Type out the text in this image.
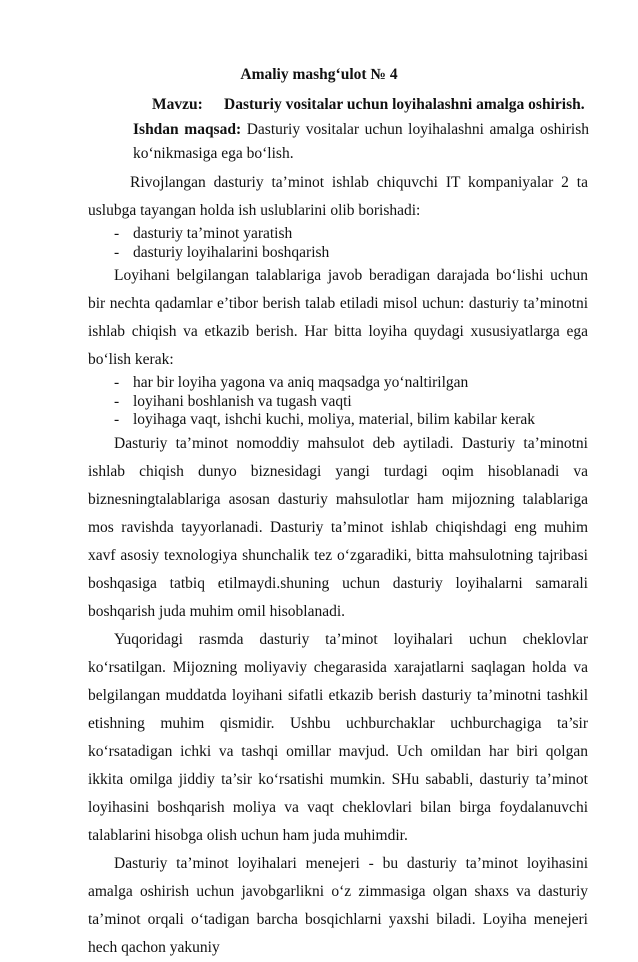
Amaliy mashg‘ulot № 4
Mavzu: Dasturiy vositalar uchun loyihalashni amalga oshirish.
Ishdan maqsad: Dasturiy vositalar uchun loyihalashni amalga oshirish
ko‘nikmasiga ega bo‘lish.

Rivojlangan dasturiy ta’minot ishlab chiquvchi IT kompaniyalar 2 ta uslubga tayangan holda ish uslublarini olib borishadi:

- dasturiy ta’minot yaratish
- dasturiy loyihalarini boshqarish

Loyihani belgilangan talablariga javob beradigan darajada bo‘lishi uchun bir nechta qadamlar e’tibor berish talab etiladi misol uchun: dasturiy ta’minotni ishlab chiqish va etkazib berish. Har bitta loyiha quydagi xususiyatlarga ega bo‘lish kerak:

- har bir loyiha yagona va aniq maqsadga yo‘naltirilgan
- loyihani boshlanish va tugash vaqti
- loyihaga vaqt, ishchi kuchi, moliya, material, bilim kabilar kerak

Dasturiy ta’minot nomoddiy mahsulot deb aytiladi. Dasturiy ta’minotni ishlab chiqish dunyo biznesidagi yangi turdagi oqim hisoblanadi va biznesningtalablariga asosan dasturiy mahsulotlar ham mijozning talablariga mos ravishda tayyorlanadi. Dasturiy ta’minot ishlab chiqishdagi eng muhim xavf asosiy texnologiya shunchalik tez o‘zgaradiki, bitta mahsulotning tajribasi boshqasiga tatbiq etilmaydi.shuning uchun dasturiy loyihalarni samarali boshqarish juda muhim omil hisoblanadi.

Yuqoridagi rasmda dasturiy ta’minot loyihalari uchun cheklovlar ko‘rsatilgan. Mijozning moliyaviy chegarasida xarajatlarni saqlagan holda va belgilangan muddatda loyihani sifatli etkazib berish dasturiy ta’minotni tashkil etishning muhim qismidir. Ushbu uchburchaklar uchburchagiga ta’sir ko‘rsatadigan ichki va tashqi omillar mavjud. Uch omildan har biri qolgan ikkita omilga jiddiy ta’sir ko‘rsatishi mumkin. SHu sababli, dasturiy ta’minot loyihasini boshqarish moliya va vaqt cheklovlari bilan birga foydalanuvchi talablarini hisobga olish uchun ham juda muhimdir.

Dasturiy ta’minot loyihalari menejeri - bu dasturiy ta’minot loyihasini amalga oshirish uchun javobgarlikni o‘z zimmasiga olgan shaxs va dasturiy ta’minot orqali o‘tadigan barcha bosqichlarni yaxshi biladi. Loyiha menejeri hech qachon yakuniy
